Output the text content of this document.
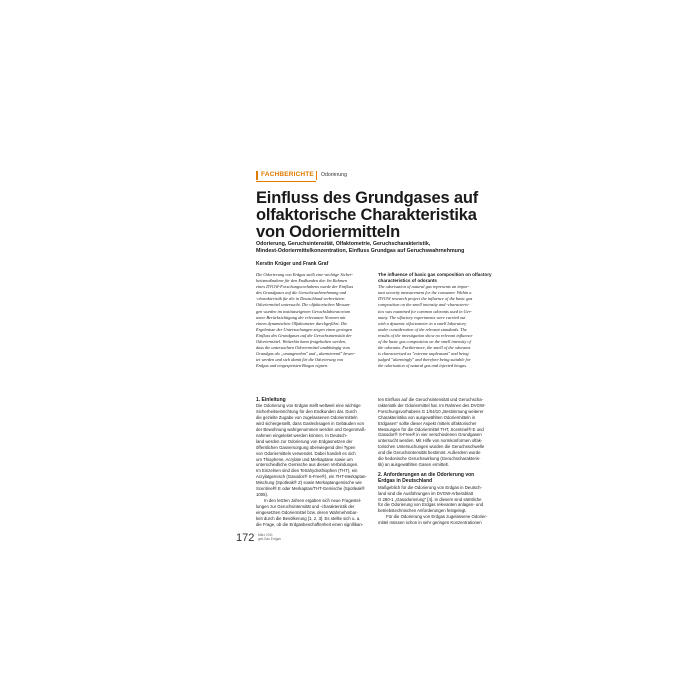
FACHBERICHTE Odorierung
Einfluss des Grundgases auf
olfaktorische Charakteristika
von Odoriermitteln
Odorierung, Geruchsintensität, Olfaktometrie, Geruchscharakteristik,
Mindest-Odoriermittelkonzentration, Einfluss Grundgas auf Geruchswahrnehmung
Kerstin Krüger und Frank Graf
Die Odorierung von Erdgas stellt eine wichtige Sicher-
heitsmaßnahme für den Endkunden dar. Im Rahmen
eines DVGW-Forschungsvorhabens wurde der Einfluss
des Grundgases auf die Geruchswahrnehmung und
-charakteristik für die in Deutschland verbreiteten
Odoriermittel untersucht. Die olfaktorischen Messun-
gen wurden im institutseigenen Geruchslaboratorium
unter Berücksichtigung der relevanten Normen mit
einem dynamischen Olfaktometer durchgeführt. Die
Ergebnisse der Untersuchungen zeigen einen geringen
Einfluss des Grundgases auf die Geruchsintensität der
Odoriermittel. Weiterhin kann festgehalten werden,
dass die untersuchten Odoriermittel unabhängig vom
Grundgas als „unangenehm" und „alarmierend" bewer-
tet werden und sich damit für die Odorierung von
Erdgas und eingespeisten Biogas eignen.
The influence of basic gas composition on olfactory
characteristics of odorants
The odorisation of natural gas represents an impor-
tant security measurement for the consumer. Within a
DVGW research project the influence of the basic gas
composition on the smell intensity and -characteris-
tics was examined for common odorants used in Ger-
many. The olfactory experiments were carried out
with a dynamic olfactometer in a smell laboratory
under consideration of the relevant standards. The
results of the investigation show no relevant influence
of the basic gas composition on the smell intensity of
the odorants. Furthermore, the smell of the odorants
is characterised as "extreme unpleasant" and being
judged "alarmingly" and therefore being suitable for
the odorisation of natural gas and injected biogas.
1. Einleitung
Die Odorierung von Erdgas stellt weltweit eine wichtige
Sicherheitseinrichtung für den Endkunden dar. Durch
die gezielte Zugabe von zugelassenen Odoriermitteln
wird sichergestellt, dass Gaslecksagen in Gebäuden von
der Bewohnung wahrgenommen werden und Gegenmaß-
nahmen eingeleitet werden können. In Deutsch-
land werden zur Odorierung von Erdgasnetzen der
öffentlichen Gasversorgung überwiegend drei Typen
von Odoriermitteln verwendet. Dabei handelt es sich
um Thiophene, Acrylate und Merkaptane sowie um
unterschiedliche Gemische aus diesen Verbindungen.
Im Einzelnen sind dies Tetrahydrothiophen (THT), ein
Acrylatgemisch (Gasodor® S-Free®), ein THT-Merkaptan-
Mischung (Spotleak® Z) sowie Merkaptangemische wie
Scentinel® E oder Merkaptan/THT-Gemische (Spotleak®
1005).
In den letzten Jahren ergaben sich neue Fragestel-
lungen zur Geruchsintensität und -charakteristik der
eingesetzten Odoriermittel bzw. deren Wahrnehmbar-
keit durch die Bevölkerung [1, 2, 3]. Es stellte sich u. a.
die Frage, ob die Erdgasbeschaffenheit einen signifikan-
ten Einfluss auf die Geruchsintensität und Geruchscha-
rakteristik der Odoriermittel hat. Im Rahmen des DVGW-
Forschungsvorhabens G 1/04/10 „Bestimmung weiterer
Charakteristika von ausgewählten Odoriermitteln in
Erdgasen" sollte dieser Aspekt mittels olfaktorischer
Messungen für die Odoriermittel THT, Scentinel® E und
Gasodor® S-Free® in vier verschiedenen Grundgasen
untersucht werden. Mit Hilfe von normkonformen olfak-
torischen Untersuchungen wurden die Geruchsschwelle
und die Geruchsintensität bestimmt. Außerdem wurde
die hedonische Geruchswirkung (Geruchscharakteris-
tik) an ausgewählten Gasen ermittelt.
2. Anforderungen an die Odorierung von
Erdgas in Deutschland
Maßgeblich für die Odorierung von Erdgas in Deutsch-
land sind die Ausführungen im DVGW-Arbeitsblatt
G 280-1 „Gasodorierung" [4]. In diesem sind sämtliche
für die Odorierung von Erdgas relevanten anlagen- und
betriebstechnischen Anforderungen festgelegt.
Für die Odorierung von Erdgas zugelassene Odorier-
mittel müssen schon in sehr geringen Konzentrationen
172 März 2011
gwf-Gas Erdgas
